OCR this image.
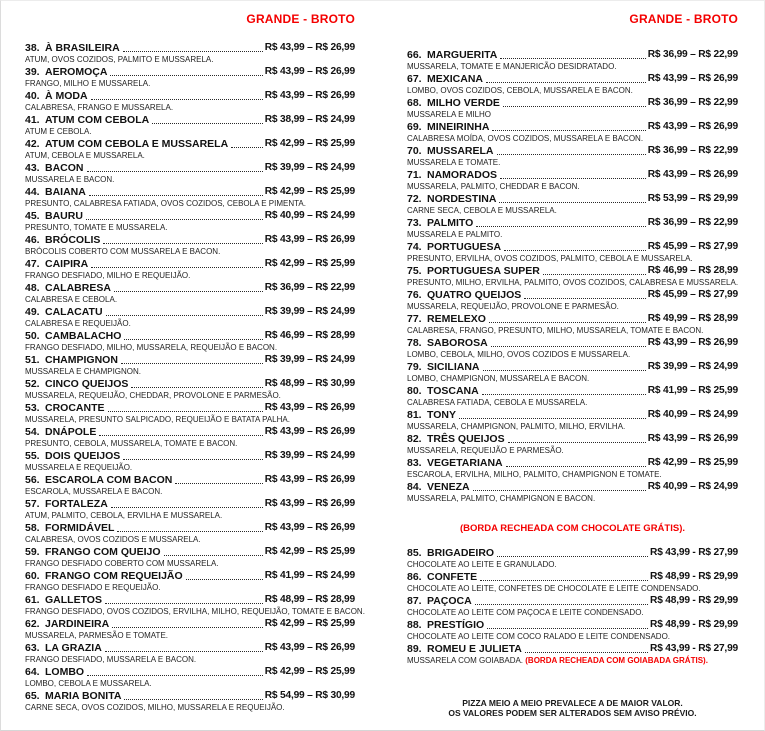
GRANDE - BROTO
38. À BRASILEIRA	R$ 43,99 – R$ 26,99
ATUM, OVOS COZIDOS, PALMITO E MUSSARELA.
39. AEROMOÇA	R$ 43,99 – R$ 26,99
FRANGO, MILHO E MUSSARELA.
40. À MODA	R$ 43,99 – R$ 26,99
CALABRESA, FRANGO E MUSSARELA.
41. ATUM COM CEBOLA	R$ 38,99 – R$ 24,99
ATUM E CEBOLA.
42. ATUM COM CEBOLA E MUSSARELA	R$ 42,99 – R$ 25,99
ATUM, CEBOLA E MUSSARELA.
43. BACON	R$ 39,99 – R$ 24,99
MUSSARELA E BACON.
44. BAIANA	R$ 42,99 – R$ 25,99
PRESUNTO, CALABRESA FATIADA, OVOS COZIDOS, CEBOLA E PIMENTA.
45. BAURU	R$ 40,99 – R$ 24,99
PRESUNTO, TOMATE E MUSSARELA.
46. BRÓCOLIS	R$ 43,99 – R$ 26,99
BRÓCOLIS COBERTO COM MUSSARELA E BACON.
47. CAIPIRA	R$ 42,99 – R$ 25,99
FRANGO DESFIADO, MILHO E REQUEIJÃO.
48. CALABRESA	R$ 36,99 – R$ 22,99
CALABRESA E CEBOLA.
49. CALACATU	R$ 39,99 – R$ 24,99
CALABRESA E REQUEIJÃO.
50. CAMBALACHO	R$ 46,99 – R$ 28,99
FRANGO DESFIADO, MILHO, MUSSARELA, REQUEIJÃO E BACON.
51. CHAMPIGNON	R$ 39,99 – R$ 24,99
MUSSARELA E CHAMPIGNON.
52. CINCO QUEIJOS	R$ 48,99 – R$ 30,99
MUSSARELA, REQUEIJÃO, CHEDDAR, PROVOLONE E PARMESÃO.
53. CROCANTE	R$ 43,99 – R$ 26,99
MUSSARELA, PRESUNTO SALPICADO, REQUEIJÃO E BATATA PALHA.
54. DNÁPOLE	R$ 43,99 – R$ 26,99
PRESUNTO, CEBOLA, MUSSARELA, TOMATE E BACON.
55. DOIS QUEIJOS	R$ 39,99 – R$ 24,99
MUSSARELA E REQUEIJÃO.
56. ESCAROLA COM BACON	R$ 43,99 – R$ 26,99
ESCAROLA, MUSSARELA E BACON.
57. FORTALEZA	R$ 43,99 – R$ 26,99
ATUM, PALMITO, CEBOLA, ERVILHA E MUSSARELA.
58. FORMIDÁVEL	R$ 43,99 – R$ 26,99
CALABRESA, OVOS COZIDOS E MUSSARELA.
59. FRANGO COM QUEIJO	R$ 42,99 – R$ 25,99
FRANGO DESFIADO COBERTO COM MUSSARELA.
60. FRANGO COM REQUEIJÃO	R$ 41,99 – R$ 24,99
FRANGO DESFIADO E REQUEIJÃO.
61. GALLETOS	R$ 48,99 – R$ 28,99
FRANGO DESFIADO, OVOS COZIDOS, ERVILHA, MILHO, REQUEIJÃO, TOMATE E BACON.
62. JARDINEIRA	R$ 42,99 – R$ 25,99
MUSSARELA, PARMESÃO E TOMATE.
63. LA GRAZIA	R$ 43,99 – R$ 26,99
FRANGO DESFIADO, MUSSARELA E BACON.
64. LOMBO	R$ 42,99 – R$ 25,99
LOMBO, CEBOLA E MUSSARELA.
65. MARIA BONITA	R$ 54,99 – R$ 30,99
CARNE SECA, OVOS COZIDOS, MILHO, MUSSARELA E REQUEIJÃO.
GRANDE - BROTO
66. MARGUERITA	R$ 36,99 – R$ 22,99
MUSSARELA, TOMATE E MANJERICÃO DESIDRATADO.
67. MEXICANA	R$ 43,99 – R$ 26,99
LOMBO, OVOS COZIDOS, CEBOLA, MUSSARELA E BACON.
68. MILHO VERDE	R$ 36,99 – R$ 22,99
MUSSARELA E MILHO
69. MINEIRINHA	R$ 43,99 – R$ 26,99
CALABRESA MOÍDA, OVOS COZIDOS, MUSSARELA E BACON.
70. MUSSARELA	R$ 36,99 – R$ 22,99
MUSSARELA E TOMATE.
71. NAMORADOS	R$ 43,99 – R$ 26,99
MUSSARELA, PALMITO, CHEDDAR E BACON.
72. NORDESTINA	R$ 53,99 – R$ 29,99
CARNE SECA, CEBOLA E MUSSARELA.
73. PALMITO	R$ 36,99 – R$ 22,99
MUSSARELA E PALMITO.
74. PORTUGUESA	R$ 45,99 – R$ 27,99
PRESUNTO, ERVILHA, OVOS COZIDOS, PALMITO, CEBOLA E MUSSARELA.
75. PORTUGUESA SUPER	R$ 46,99 – R$ 28,99
PRESUNTO, MILHO, ERVILHA, PALMITO, OVOS COZIDOS, CALABRESA E MUSSARELA.
76. QUATRO QUEIJOS	R$ 45,99 – R$ 27,99
MUSSARELA, REQUEIJÃO, PROVOLONE E PARMESÃO.
77. REMELEXO	R$ 49,99 – R$ 28,99
CALABRESA, FRANGO, PRESUNTO, MILHO, MUSSARELA, TOMATE E BACON.
78. SABOROSA	R$ 43,99 – R$ 26,99
LOMBO, CEBOLA, MILHO, OVOS COZIDOS E MUSSARELA.
79. SICILIANA	R$ 39,99 – R$ 24,99
LOMBO, CHAMPIGNON, MUSSARELA E BACON.
80. TOSCANA	R$ 41,99 – R$ 25,99
CALABRESA FATIADA, CEBOLA E MUSSARELA.
81. TONY	R$ 40,99 – R$ 24,99
MUSSARELA, CHAMPIGNON, PALMITO, MILHO, ERVILHA.
82. TRÊS QUEIJOS	R$ 43,99 – R$ 26,99
MUSSARELA, REQUEIJÃO E PARMESÃO.
83. VEGETARIANA	R$ 42,99 – R$ 25,99
ESCAROLA, ERVILHA, MILHO, PALMITO, CHAMPIGNON E TOMATE.
84. VENEZA	R$ 40,99 – R$ 24,99
MUSSARELA, PALMITO, CHAMPIGNON E BACON.
(BORDA RECHEADA COM CHOCOLATE GRÁTIS).
85. BRIGADEIRO	R$ 43,99 - R$ 27,99
CHOCOLATE AO LEITE E GRANULADO.
86. CONFETE	R$ 48,99 - R$ 29,99
CHOCOLATE AO LEITE, CONFETES DE CHOCOLATE E LEITE CONDENSADO.
87. PAÇOCA	R$ 48,99 - R$ 29,99
CHOCOLATE AO LEITE COM PAÇOCA E LEITE CONDENSADO.
88. PRESTÍGIO	R$ 48,99 - R$ 29,99
CHOCOLATE AO LEITE COM COCO RALADO E LEITE CONDENSADO.
89. ROMEU E JULIETA	R$ 43,99 - R$ 27,99
MUSSARELA COM GOIABADA. (BORDA RECHEADA COM GOIABADA GRÁTIS).
PIZZA MEIO A MEIO PREVALECE A DE MAIOR VALOR.
OS VALORES PODEM SER ALTERADOS SEM AVISO PRÉVIO.
